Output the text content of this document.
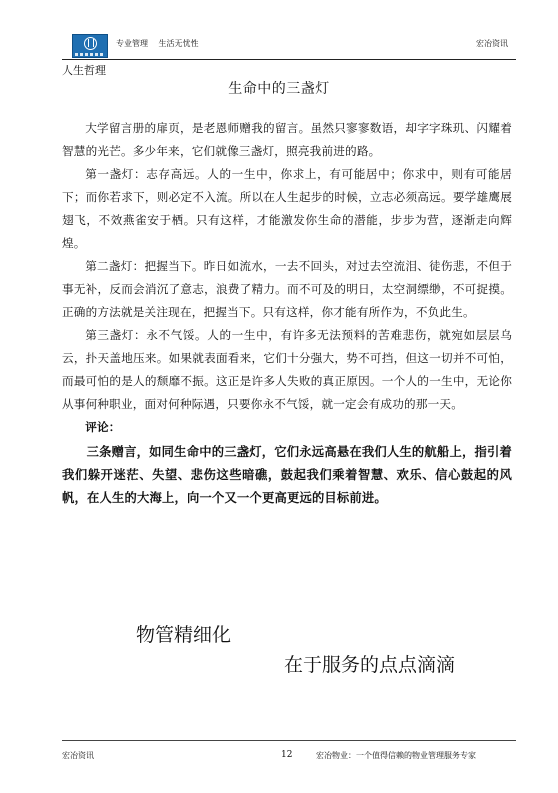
专业管理 生活无忧性	宏冶资讯
人生哲理
生命中的三盏灯

大学留言册的扉页，是老恩师赠我的留言。虽然只寥寥数语，却字字珠玑、闪耀着智慧的光芒。多少年来，它们就像三盏灯，照亮我前进的路。

第一盏灯：志存高远。人的一生中，你求上，有可能居中；你求中，则有可能居下；而你若求下，则必定不入流。所以在人生起步的时候，立志必须高远。要学雄鹰展翅飞，不效燕雀安于栖。只有这样，才能激发你生命的潜能，步步为营，逐渐走向辉煌。

第二盏灯：把握当下。昨日如流水，一去不回头，对过去空流泪、徒伤悲，不但于事无补，反而会消沉了意志，浪费了精力。而不可及的明日，太空洞缥缈，不可捉摸。正确的方法就是关注现在，把握当下。只有这样，你才能有所作为，不负此生。

第三盏灯：永不气馁。人的一生中，有许多无法预料的苦难悲伤，就宛如层层乌云，扑天盖地压来。如果就表面看来，它们十分强大，势不可挡，但这一切并不可怕，而最可怕的是人的颓靡不振。这正是许多人失败的真正原因。一个人的一生中，无论你从事何种职业，面对何种际遇，只要你永不气馁，就一定会有成功的那一天。

评论：

三条赠言，如同生命中的三盏灯，它们永远高悬在我们人生的航船上，指引着我们躲开迷茫、失望、悲伤这些暗礁，鼓起我们乘着智慧、欢乐、信心鼓起的风帆，在人生的大海上，向一个又一个更高更远的目标前进。

物管精细化
在于服务的点点滴滴
宏冶资讯	12	宏冶物业：一个值得信赖的物业管理服务专家
